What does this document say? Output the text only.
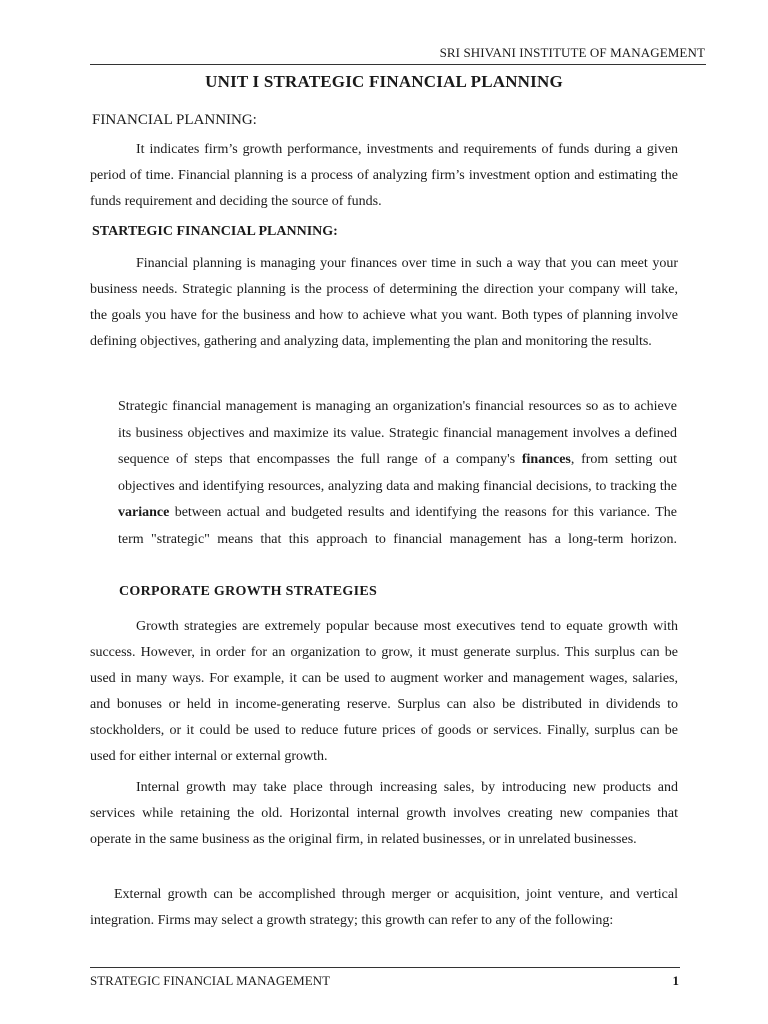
SRI SHIVANI INSTITUTE OF MANAGEMENT
UNIT I STRATEGIC FINANCIAL PLANNING
FINANCIAL PLANNING:

It indicates firm’s growth performance, investments and requirements of funds during a given period of time. Financial planning is a process of analyzing firm’s investment option and estimating the funds requirement and deciding the source of funds.

STARTEGIC FINANCIAL PLANNING:

Financial planning is managing your finances over time in such a way that you can meet your business needs. Strategic planning is the process of determining the direction your company will take, the goals you have for the business and how to achieve what you want. Both types of planning involve defining objectives, gathering and analyzing data, implementing the plan and monitoring the results.

Strategic financial management is managing an organization's financial resources so as to achieve its business objectives and maximize its value. Strategic financial management involves a defined sequence of steps that encompasses the full range of a company's finances, from setting out objectives and identifying resources, analyzing data and making financial decisions, to tracking the variance between actual and budgeted results and identifying the reasons for this variance. The term "strategic" means that this approach to financial management has a long-term horizon.

CORPORATE GROWTH STRATEGIES

Growth strategies are extremely popular because most executives tend to equate growth with success. However, in order for an organization to grow, it must generate surplus. This surplus can be used in many ways. For example, it can be used to augment worker and management wages, salaries, and bonuses or held in income-generating reserve. Surplus can also be distributed in dividends to stockholders, or it could be used to reduce future prices of goods or services. Finally, surplus can be used for either internal or external growth.

Internal growth may take place through increasing sales, by introducing new products and services while retaining the old. Horizontal internal growth involves creating new companies that operate in the same business as the original firm, in related businesses, or in unrelated businesses.

External growth can be accomplished through merger or acquisition, joint venture, and vertical integration. Firms may select a growth strategy; this growth can refer to any of the following:

STRATEGIC FINANCIAL MANAGEMENT	1
